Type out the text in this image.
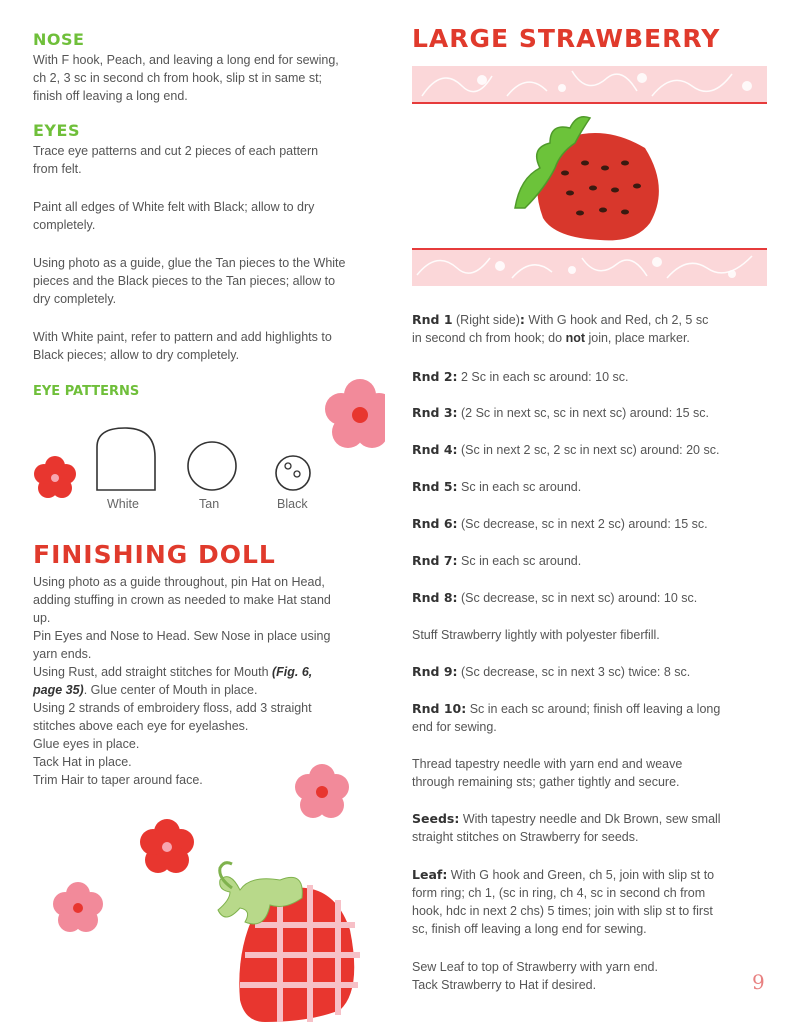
NOSE

With F hook, Peach, and leaving a long end for sewing,

ch 2, 3 sc in second ch from hook, slip st in same st;

finish off leaving a long end.

EYES

Trace eye patterns and cut 2 pieces of each pattern

from felt.

Paint all edges of White felt with Black; allow to dry

completely.

Using photo as a guide, glue the Tan pieces to the White

pieces and the Black pieces to the Tan pieces; allow to

dry completely.

With White paint, refer to pattern and add highlights to

Black pieces; allow to dry completely.

EYE PATTERNS
White	Tan	Black
FINISHING DOLL

Using photo as a guide throughout, pin Hat on Head,

adding stuffing in crown as needed to make Hat stand

up.

Pin Eyes and Nose to Head. Sew Nose in place using

yarn ends.

Using Rust, add straight stitches for Mouth (Fig. 6,

page 35). Glue center of Mouth in place.

Using 2 strands of embroidery floss, add 3 straight

stitches above each eye for eyelashes.

Glue eyes in place.

Tack Hat in place.

Trim Hair to taper around face.

LARGE STRAWBERRY

Rnd 1 (Right side): With G hook and Red, ch 2, 5 sc

in second ch from hook; do not join, place marker.

Rnd 2: 2 Sc in each sc around: 10 sc.

Rnd 3: (2 Sc in next sc, sc in next sc) around: 15 sc.

Rnd 4: (Sc in next 2 sc, 2 sc in next sc) around: 20 sc.

Rnd 5: Sc in each sc around.

Rnd 6: (Sc decrease, sc in next 2 sc) around: 15 sc.

Rnd 7: Sc in each sc around.

Rnd 8: (Sc decrease, sc in next sc) around: 10 sc.

Stuff Strawberry lightly with polyester fiberfill.

Rnd 9: (Sc decrease, sc in next 3 sc) twice: 8 sc.

Rnd 10: Sc in each sc around; finish off leaving a long

end for sewing.

Thread tapestry needle with yarn end and weave

through remaining sts; gather tightly and secure.

Seeds: With tapestry needle and Dk Brown, sew small

straight stitches on Strawberry for seeds.

Leaf: With G hook and Green, ch 5, join with slip st to

form ring; ch 1, (sc in ring, ch 4, sc in second ch from

hook, hdc in next 2 chs) 5 times; join with slip st to first

sc, finish off leaving a long end for sewing.

Sew Leaf to top of Strawberry with yarn end.

Tack Strawberry to Hat if desired.	9
